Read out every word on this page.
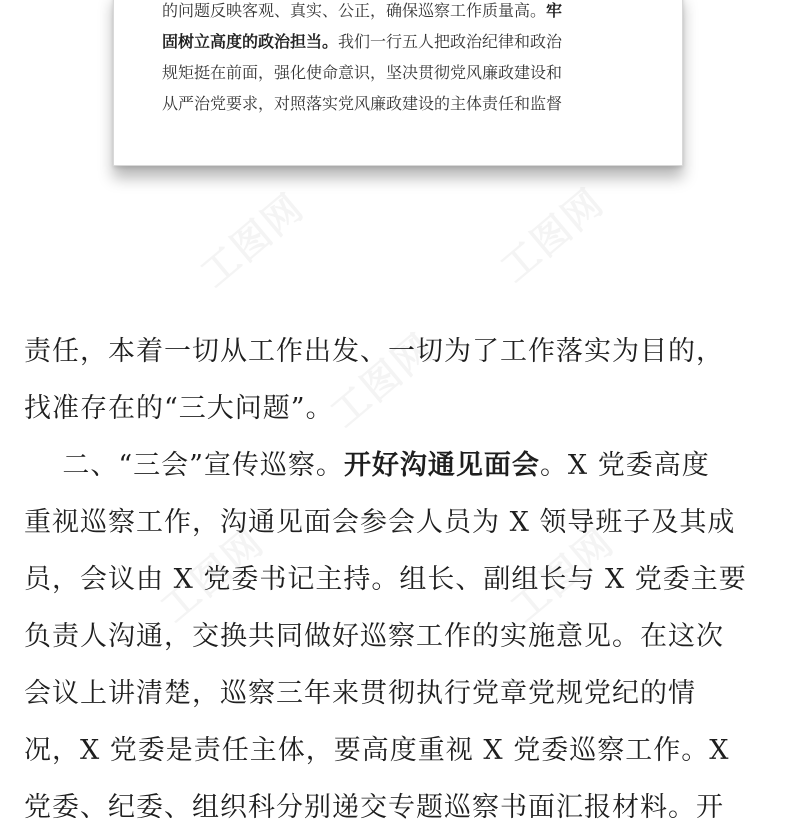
的问题反映客观、真实、公正，确保巡察工作质量高。牢
固树立高度的政治担当。我们一行五人把政治纪律和政治
规矩挺在前面，强化使命意识，坚决贯彻党风廉政建设和
从严治党要求，对照落实党风廉政建设的主体责任和监督
责任，本着一切从工作出发、一切为了工作落实为目的，
找准存在的“三大问题”。
二、“三会”宣传巡察。开好沟通见面会。X 党委高度
重视巡察工作，沟通见面会参会人员为 X 领导班子及其成
员，会议由 X 党委书记主持。组长、副组长与 X 党委主要
负责人沟通，交换共同做好巡察工作的实施意见。在这次
会议上讲清楚，巡察三年来贯彻执行党章党规党纪的情
况，X 党委是责任主体，要高度重视 X 党委巡察工作。X
党委、纪委、组织科分别递交专题巡察书面汇报材料。开
